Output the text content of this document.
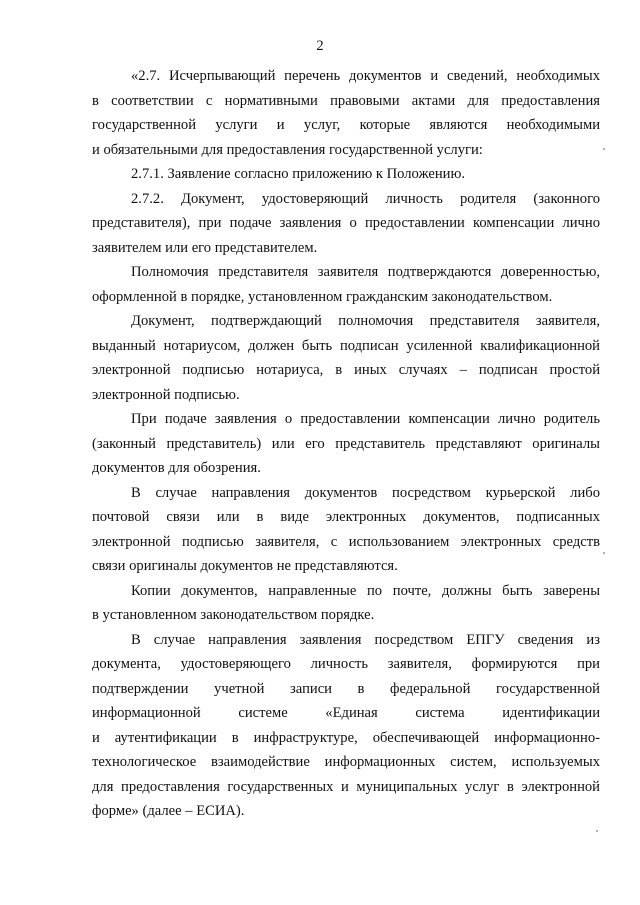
2

«2.7. Исчерпывающий перечень документов и сведений, необходимых
в соответствии с нормативными правовыми актами для предоставления
государственной услуги и услуг, которые являются необходимыми
и обязательными для предоставления государственной услуги:

2.7.1. Заявление согласно приложению к Положению.

2.7.2. Документ, удостоверяющий личность родителя (законного
представителя), при подаче заявления о предоставлении компенсации лично
заявителем или его представителем.

Полномочия представителя заявителя подтверждаются доверенностью,
оформленной в порядке, установленном гражданским законодательством.

Документ, подтверждающий полномочия представителя заявителя,
выданный нотариусом, должен быть подписан усиленной квалификационной
электронной подписью нотариуса, в иных случаях – подписан простой
электронной подписью.

При подаче заявления о предоставлении компенсации лично родитель
(законный представитель) или его представитель представляют оригиналы
документов для обозрения.

В случае направления документов посредством курьерской либо
почтовой связи или в виде электронных документов, подписанных
электронной подписью заявителя, с использованием электронных средств
связи оригиналы документов не представляются.

Копии документов, направленные по почте, должны быть заверены
в установленном законодательством порядке.

В случае направления заявления посредством ЕПГУ сведения из
документа, удостоверяющего личность заявителя, формируются при
подтверждении учетной записи в федеральной государственной
информационной системе «Единая система идентификации
и аутентификации в инфраструктуре, обеспечивающей информационно-
технологическое взаимодействие информационных систем, используемых
для предоставления государственных и муниципальных услуг в электронной
форме» (далее – ЕСИА).
